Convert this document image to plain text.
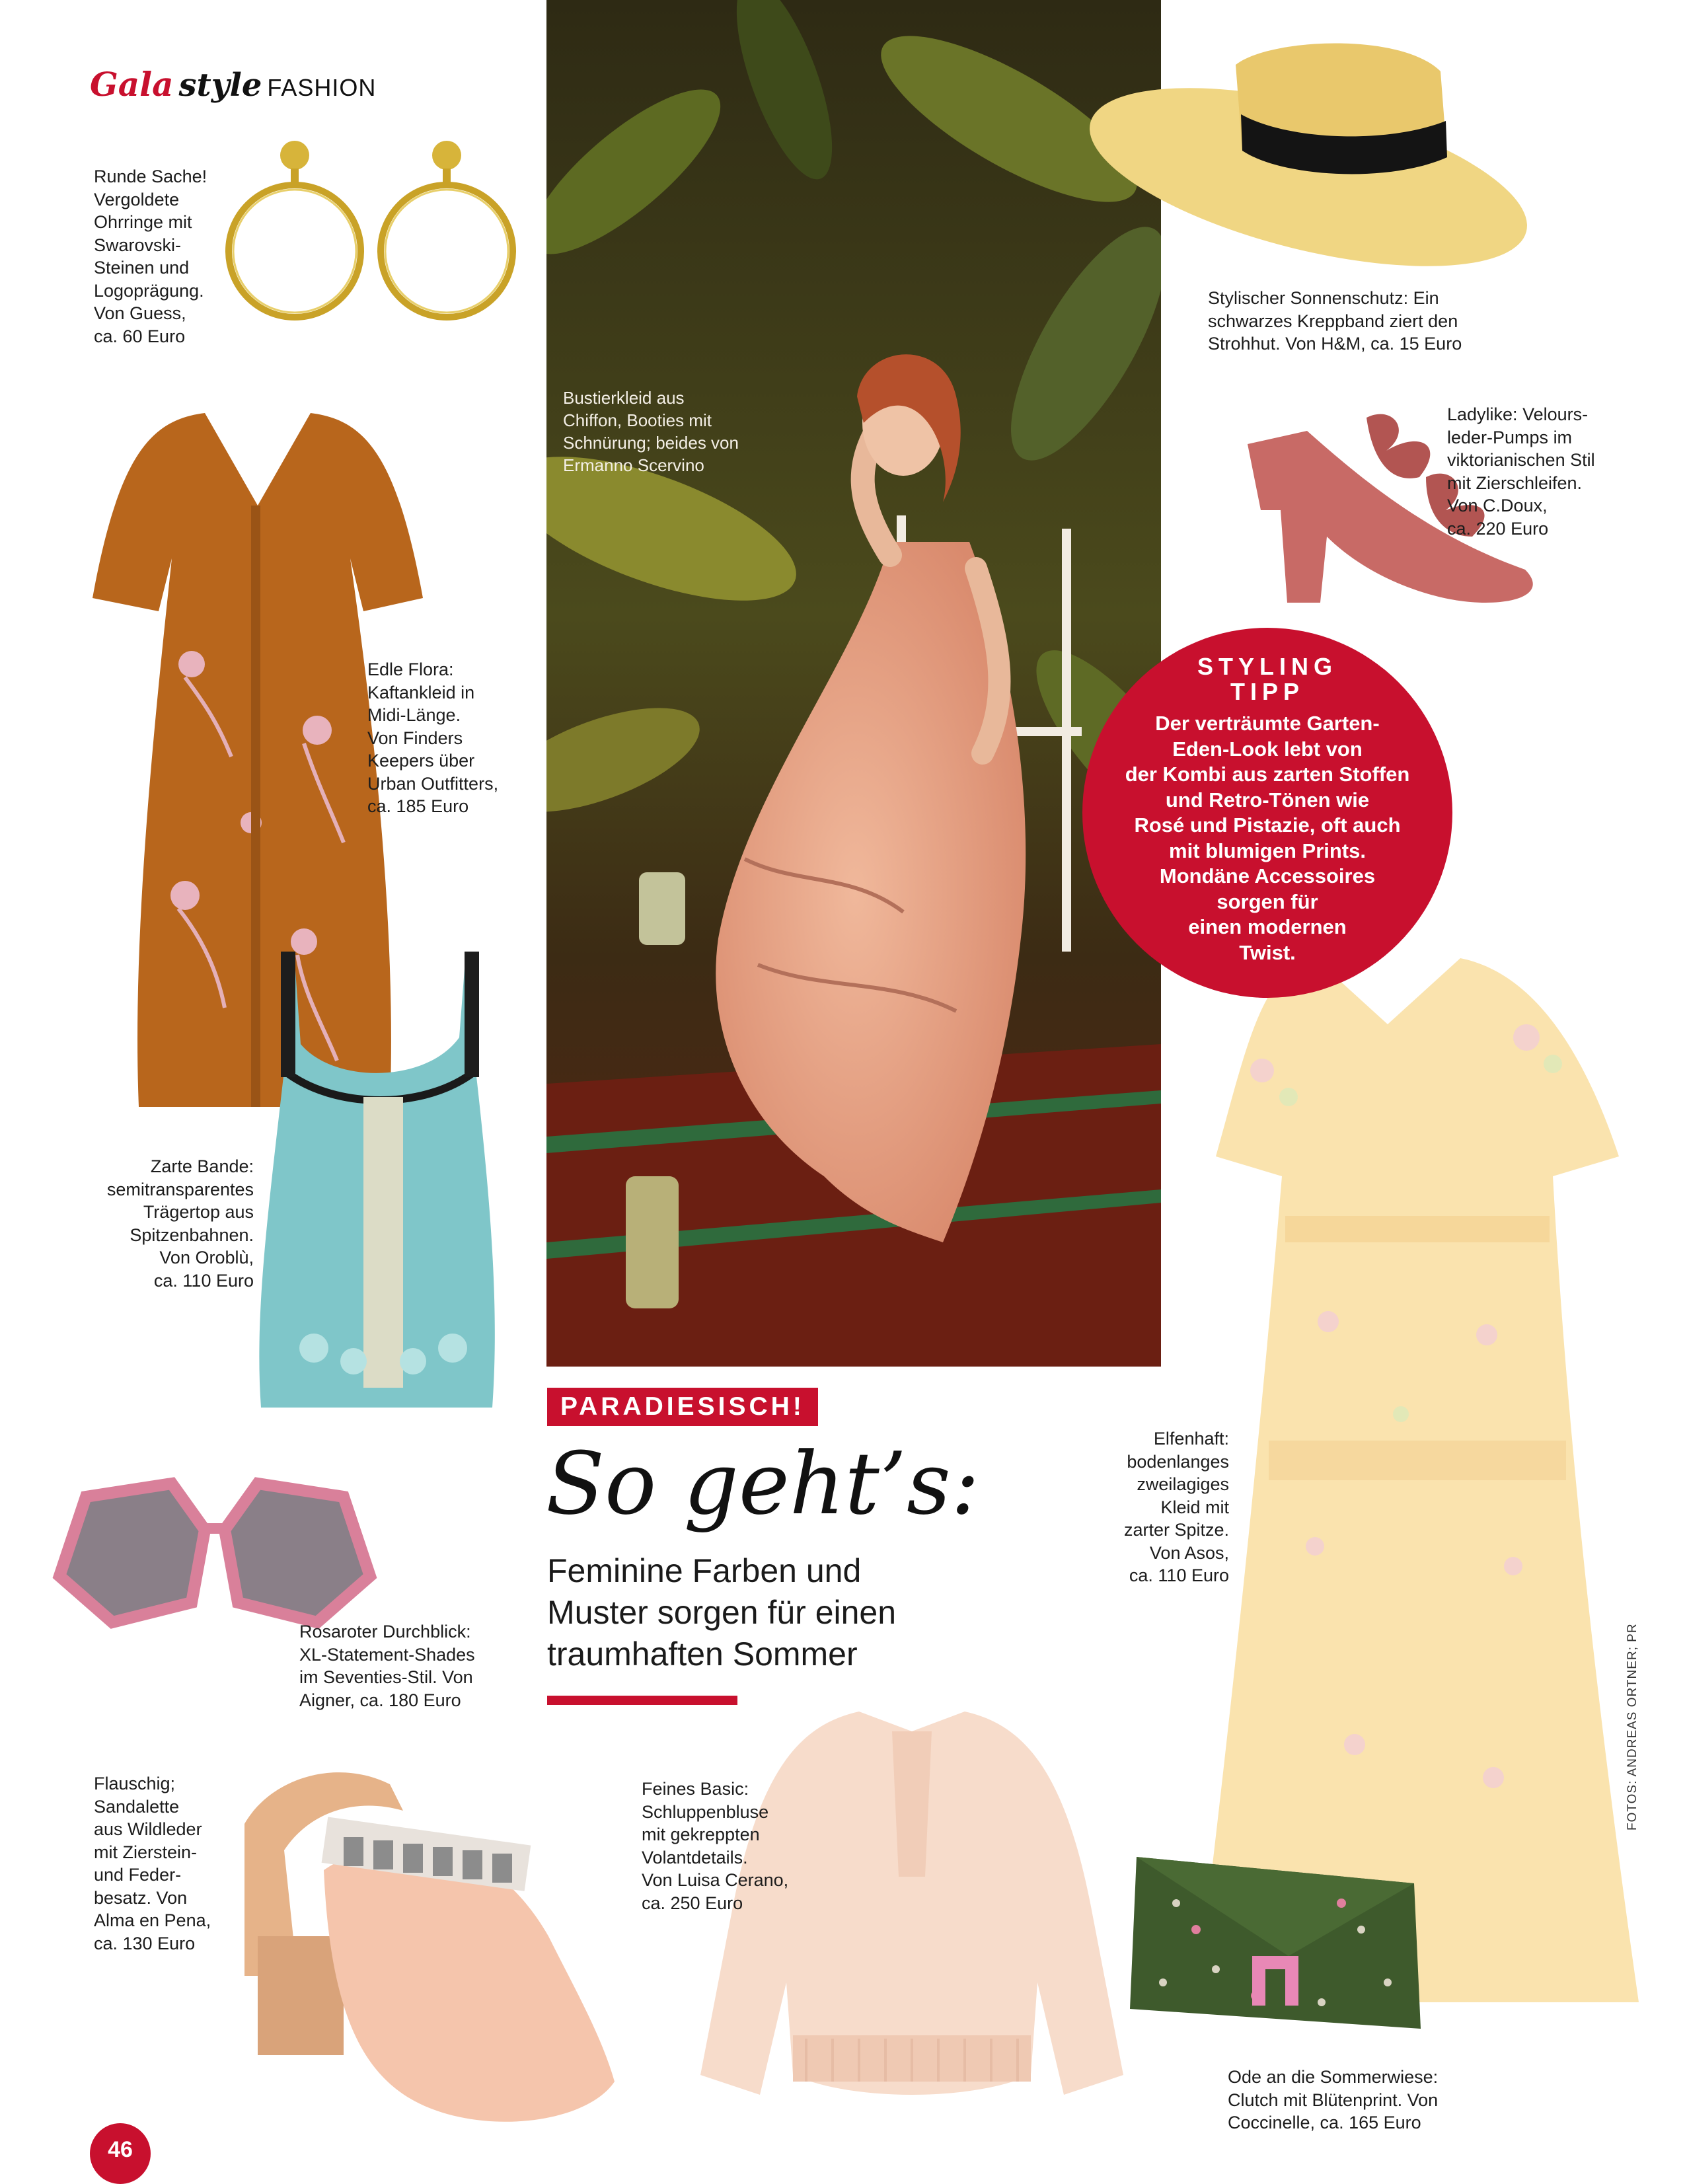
Gala style FASHION
Bustierkleid aus
Chiffon, Booties mit
Schnürung; beides von
Ermanno Scervino
Runde Sache!
Vergoldete
Ohrringe mit
Swarovski-
Steinen und
Logoprägung.
Von Guess,
ca. 60 Euro
Stylischer Sonnenschutz: Ein
schwarzes Kreppband ziert den
Strohhut. Von H&M, ca. 15 Euro
Ladylike: Velours-
leder-Pumps im
viktorianischen Stil
mit Zierschleifen.
Von C.Doux,
ca. 220 Euro
Edle Flora:
Kaftankleid in
Midi-Länge.
Von Finders
Keepers über
Urban Outfitters,
ca. 185 Euro
Zarte Bande:
semitransparentes
Trägertop aus
Spitzenbahnen.
Von Oroblù,
ca. 110 Euro
Rosaroter Durchblick:
XL-Statement-Shades
im Seventies-Stil. Von
Aigner, ca. 180 Euro
Flauschig;
Sandalette
aus Wildleder
mit Zierstein-
und Feder-
besatz. Von
Alma en Pena,
ca. 130 Euro
Feines Basic:
Schluppenbluse
mit gekreppten
Volantdetails.
Von Luisa Cerano,
ca. 250 Euro
Elfenhaft:
bodenlanges
zweilagiges
Kleid mit
zarter Spitze.
Von Asos,
ca. 110 Euro
Ode an die Sommerwiese:
Clutch mit Blütenprint. Von
Coccinelle, ca. 165 Euro
STYLING
TIPP
Der verträumte Garten-
Eden-Look lebt von
der Kombi aus zarten Stoffen
und Retro-Tönen wie
Rosé und Pistazie, oft auch
mit blumigen Prints.
Mondäne Accessoires
sorgen für
einen modernen
Twist.
PARADIESISCH!
So geht’s:
Feminine Farben und
Muster sorgen für einen
traumhaften Sommer	FOTOS: ANDREAS ORTNER; PR
46
